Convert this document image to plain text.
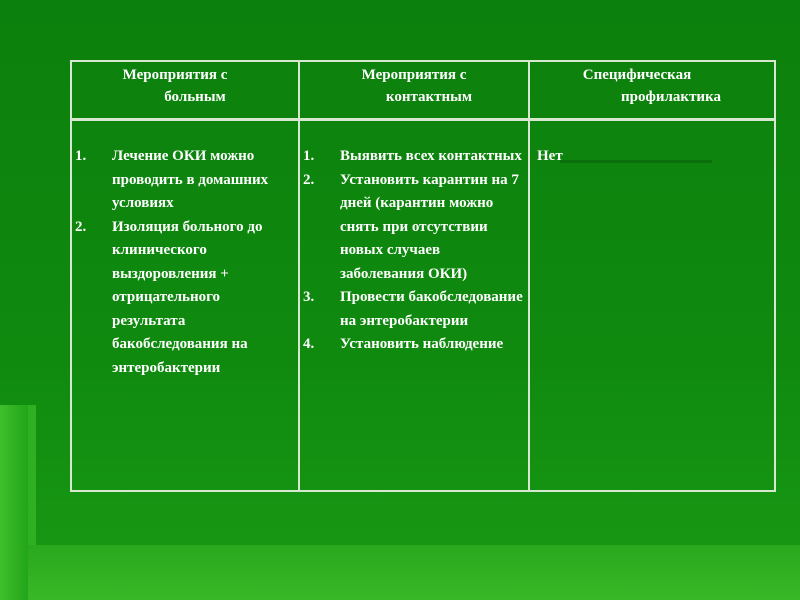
Мероприятия с
больным
Мероприятия с
контактным
Специфическая
профилактика
1. Лечение ОКИ можно проводить в домашних условиях
2. Изоляция больного до клинического выздоровления + отрицательного результата бакобследования на энтеробактерии
1. Выявить всех контактных
2. Установить карантин на 7 дней (карантин можно снять при отсутствии новых случаев заболевания ОКИ)
3. Провести бакобследование на энтеробактерии
4. Установить наблюдение
Нет
